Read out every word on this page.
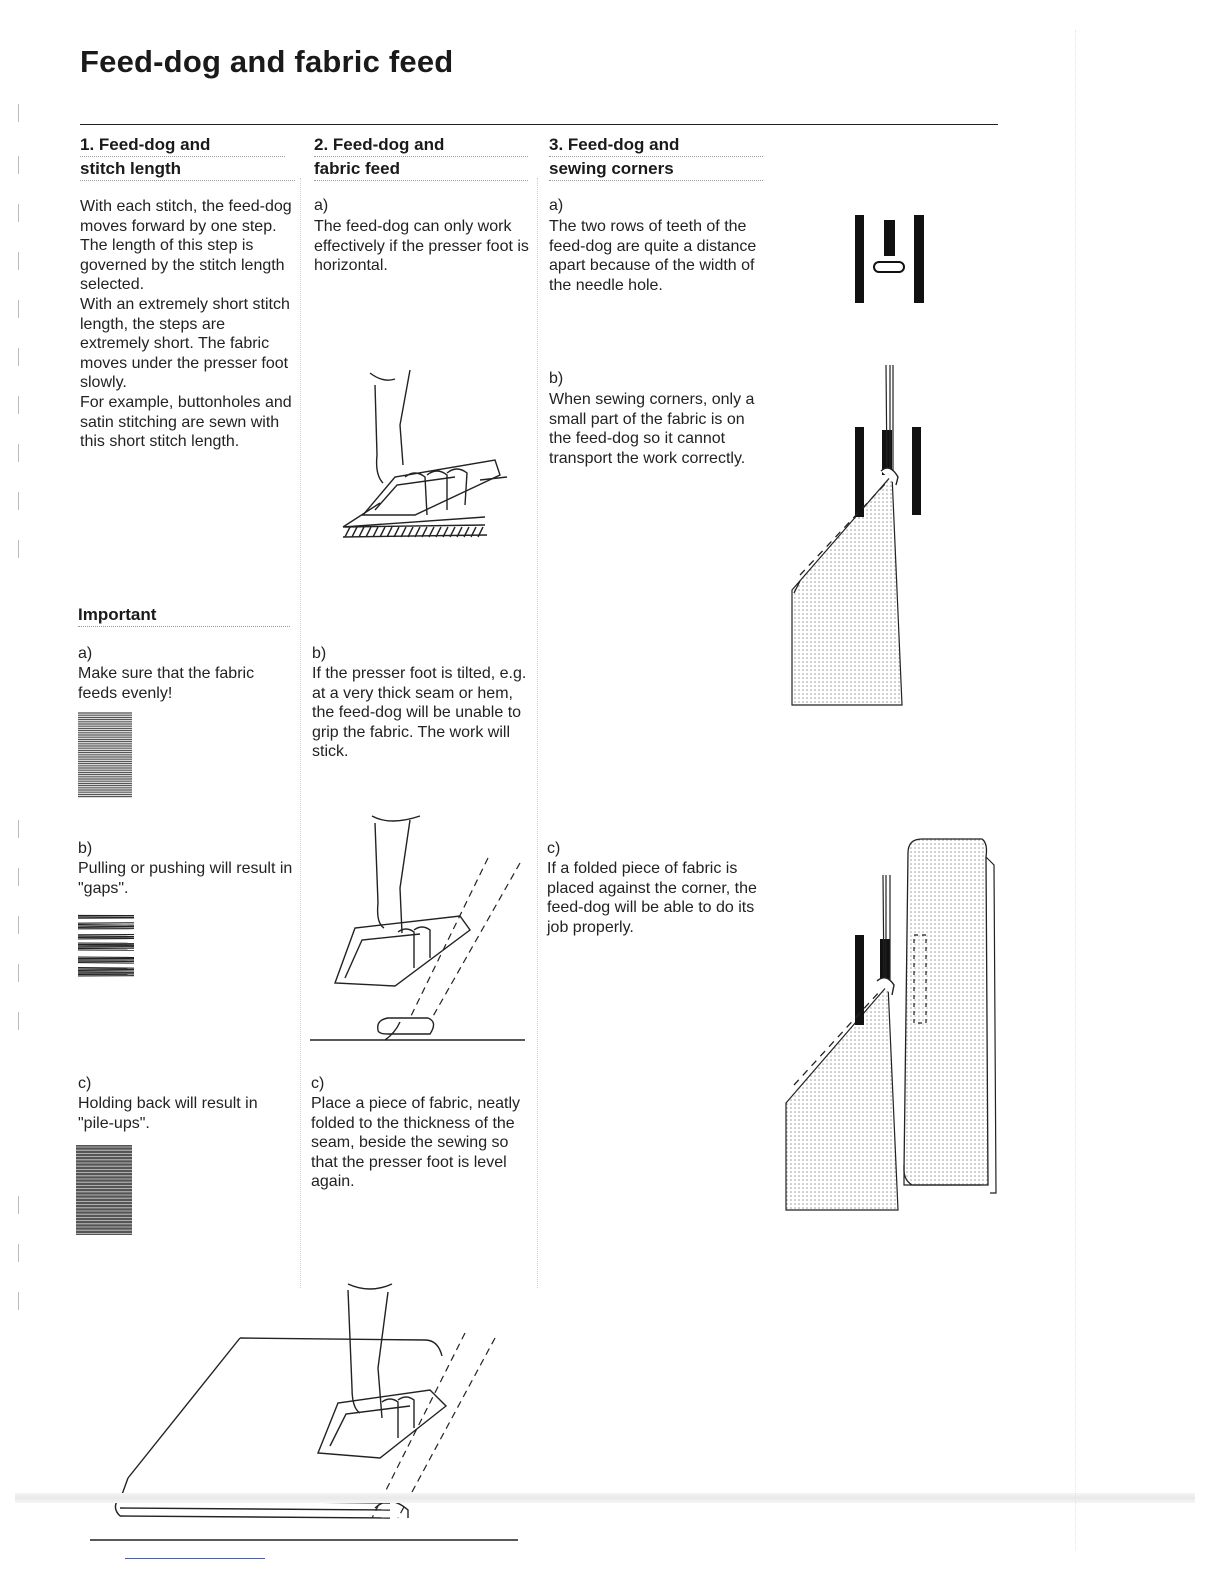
Feed-dog and fabric feed
1. Feed-dog and
stitch length
With each stitch, the feed-dog moves forward by one step.
The length of this step is governed by the stitch length selected.
With an extremely short stitch length, the steps are extremely short. The fabric moves under the presser foot slowly.
For example, buttonholes and satin stitching are sewn with this short stitch length.
Important
a)
Make sure that the fabric feeds evenly!
b)
Pulling or pushing will result in "gaps".
c)
Holding back will result in "pile-ups".
2. Feed-dog and
fabric feed
a)
The feed-dog can only work effectively if the presser foot is horizontal.
b)
If the presser foot is tilted, e.g. at a very thick seam or hem, the feed-dog will be unable to grip the fabric. The work will stick.
c)
Place a piece of fabric, neatly folded to the thickness of the seam, beside the sewing so that the presser foot is level again.
3. Feed-dog and
sewing corners
a)
The two rows of teeth of the feed-dog are quite a distance apart because of the width of the needle hole.
b)
When sewing corners, only a small part of the fabric is on the feed-dog so it cannot transport the work correctly.
c)
If a folded piece of fabric is placed against the corner, the feed-dog will be able to do its job properly.
